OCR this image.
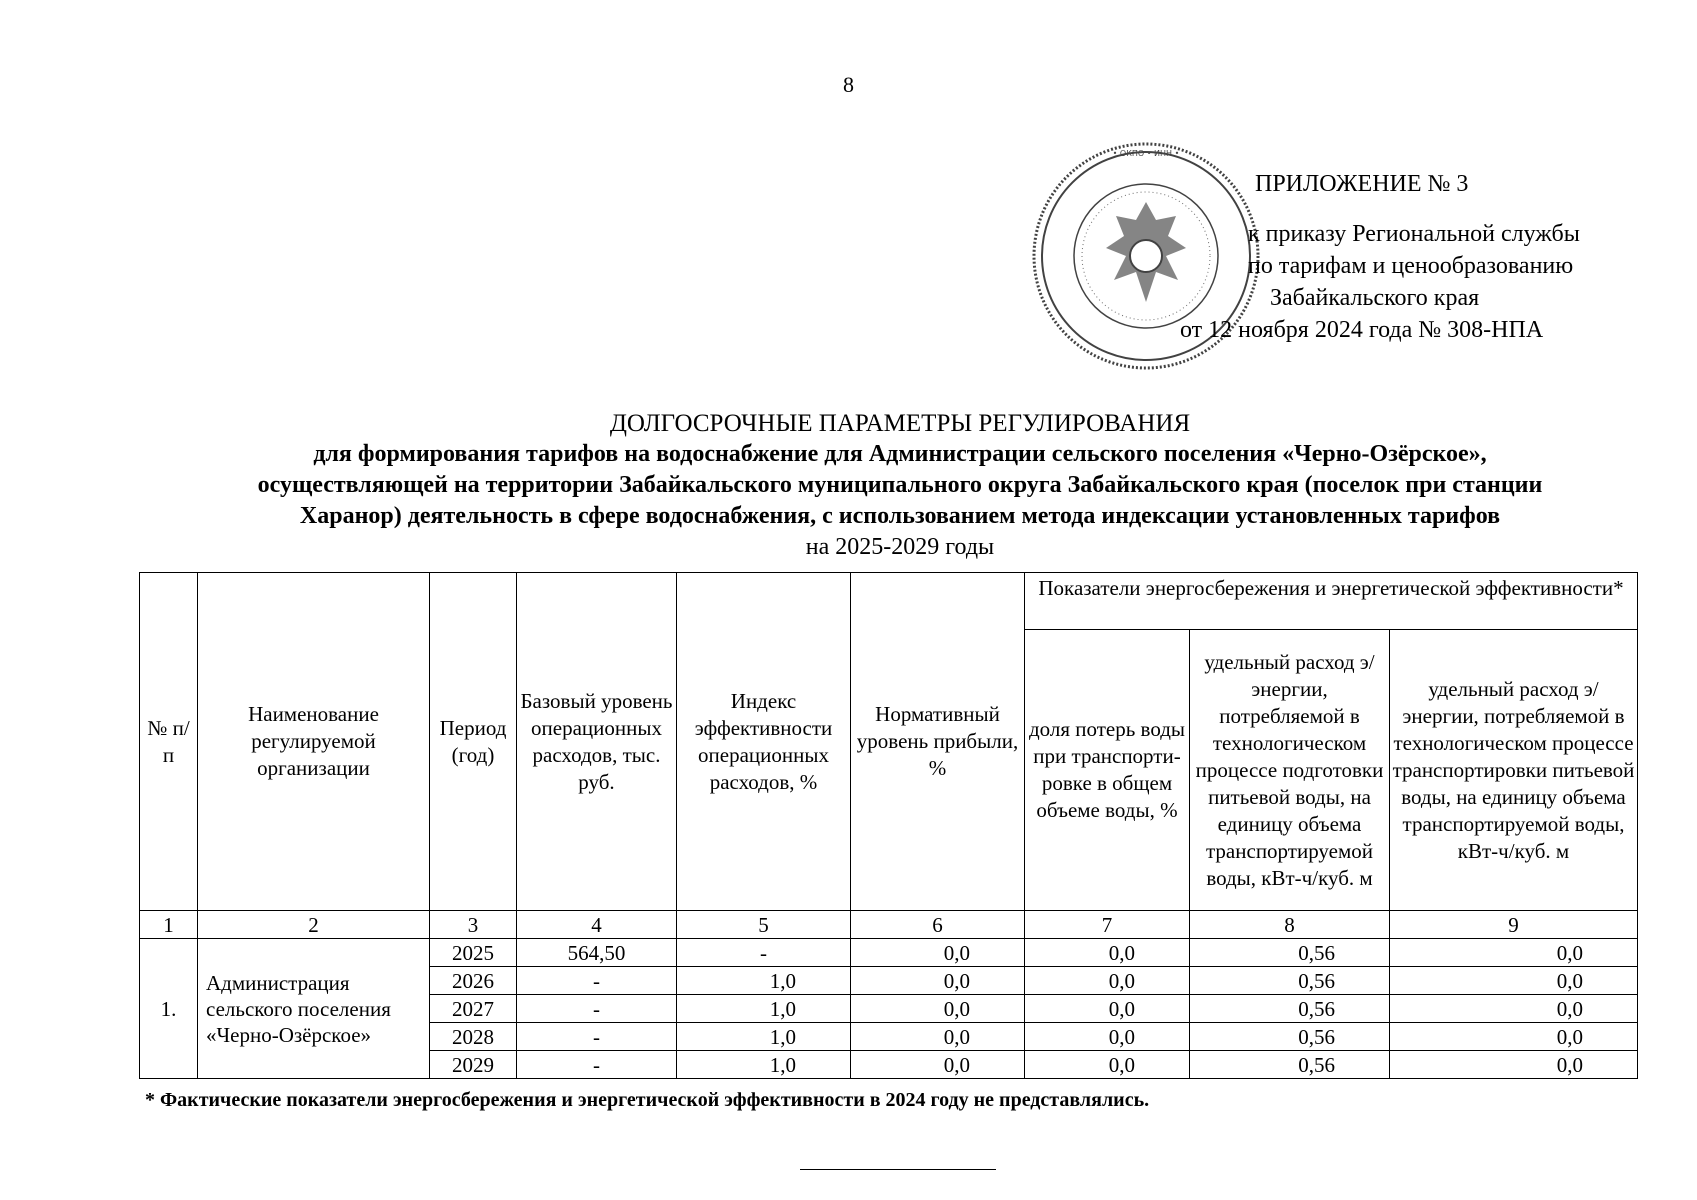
8
• ОКПО • ИНН •
ПРИЛОЖЕНИЕ № 3
к приказу Региональной службы
по тарифам и ценообразованию
Забайкальского края
от 12 ноября 2024 года № 308-НПА
ДОЛГОСРОЧНЫЕ ПАРАМЕТРЫ РЕГУЛИРОВАНИЯ
для формирования тарифов на водоснабжение для Администрации сельского поселения «Черно-Озёрское»,
осуществляющей на территории Забайкальского муниципального округа Забайкальского края (поселок при станции
Харанор) деятельность в сфере водоснабжения, с использованием метода индексации установленных тарифов
на 2025-2029 годы
№ п/п	Наименование регулируемой организации	Период (год)	Базовый уровень операционных расходов, тыс. руб.	Индекс эффективности операционных расходов, %	Нормативный уровень прибыли, %	Показатели энергосбережения и энергетической эффективности*		
						доля потерь воды при транспорти-ровке в общем объеме воды, %	удельный расход э/энергии, потребляемой в технологическом процессе подготовки питьевой воды, на единицу объема транспортируемой воды, кВт-ч/куб. м	удельный расход э/энергии, потребляемой в технологическом процессе транспортировки питьевой воды, на единицу объема транспортируемой воды, кВт-ч/куб. м
1	2	3	4	5	6	7	8	9
1.	Администрация сельского поселения «Черно-Озёрское»	2025	564,50	-	0,0	0,0	0,56	0,0
		2026	-	1,0	0,0	0,0	0,56	0,0
		2027	-	1,0	0,0	0,0	0,56	0,0
		2028	-	1,0	0,0	0,0	0,56	0,0
		2029	-	1,0	0,0	0,0	0,56	0,0
* Фактические показатели энергосбережения и энергетической эффективности в 2024 году не представлялись.
